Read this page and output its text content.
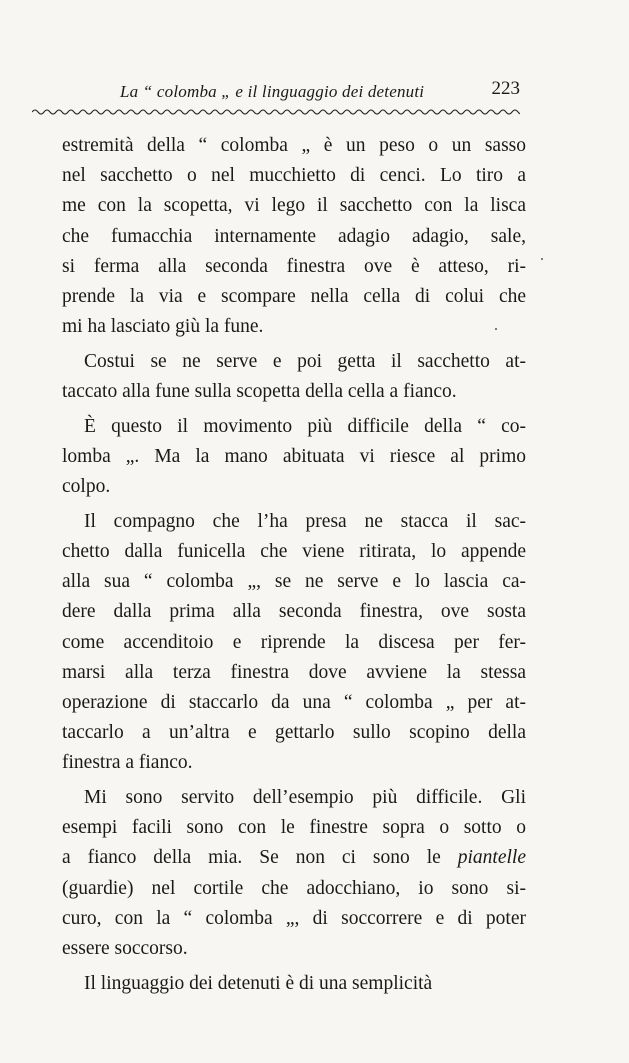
La “ colomba „ e il linguaggio dei detenuti	223
estremità della “ colomba „ è un peso o un sasso
nel sacchetto o nel mucchietto di cenci. Lo tiro a
me con la scopetta, vi lego il sacchetto con la lisca
che fumacchia internamente adagio adagio, sale,
si ferma alla seconda finestra ove è atteso, ri-
prende la via e scompare nella cella di colui che
mi ha lasciato giù la fune.
Costui se ne serve e poi getta il sacchetto at-
taccato alla fune sulla scopetta della cella a fianco.
È questo il movimento più difficile della “ co-
lomba „. Ma la mano abituata vi riesce al primo
colpo.
Il compagno che l’ha presa ne stacca il sac-
chetto dalla funicella che viene ritirata, lo appende
alla sua “ colomba „, se ne serve e lo lascia ca-
dere dalla prima alla seconda finestra, ove sosta
come accenditoio e riprende la discesa per fer-
marsi alla terza finestra dove avviene la stessa
operazione di staccarlo da una “ colomba „ per at-
taccarlo a un’altra e gettarlo sullo scopino della
finestra a fianco.
Mi sono servito dell’esempio più difficile. Gli
esempi facili sono con le finestre sopra o sotto o
a fianco della mia. Se non ci sono le piantelle
(guardie) nel cortile che adocchiano, io sono si-
curo, con la “ colomba „, di soccorrere e di poter
essere soccorso.
Il linguaggio dei detenuti è di una semplicità
